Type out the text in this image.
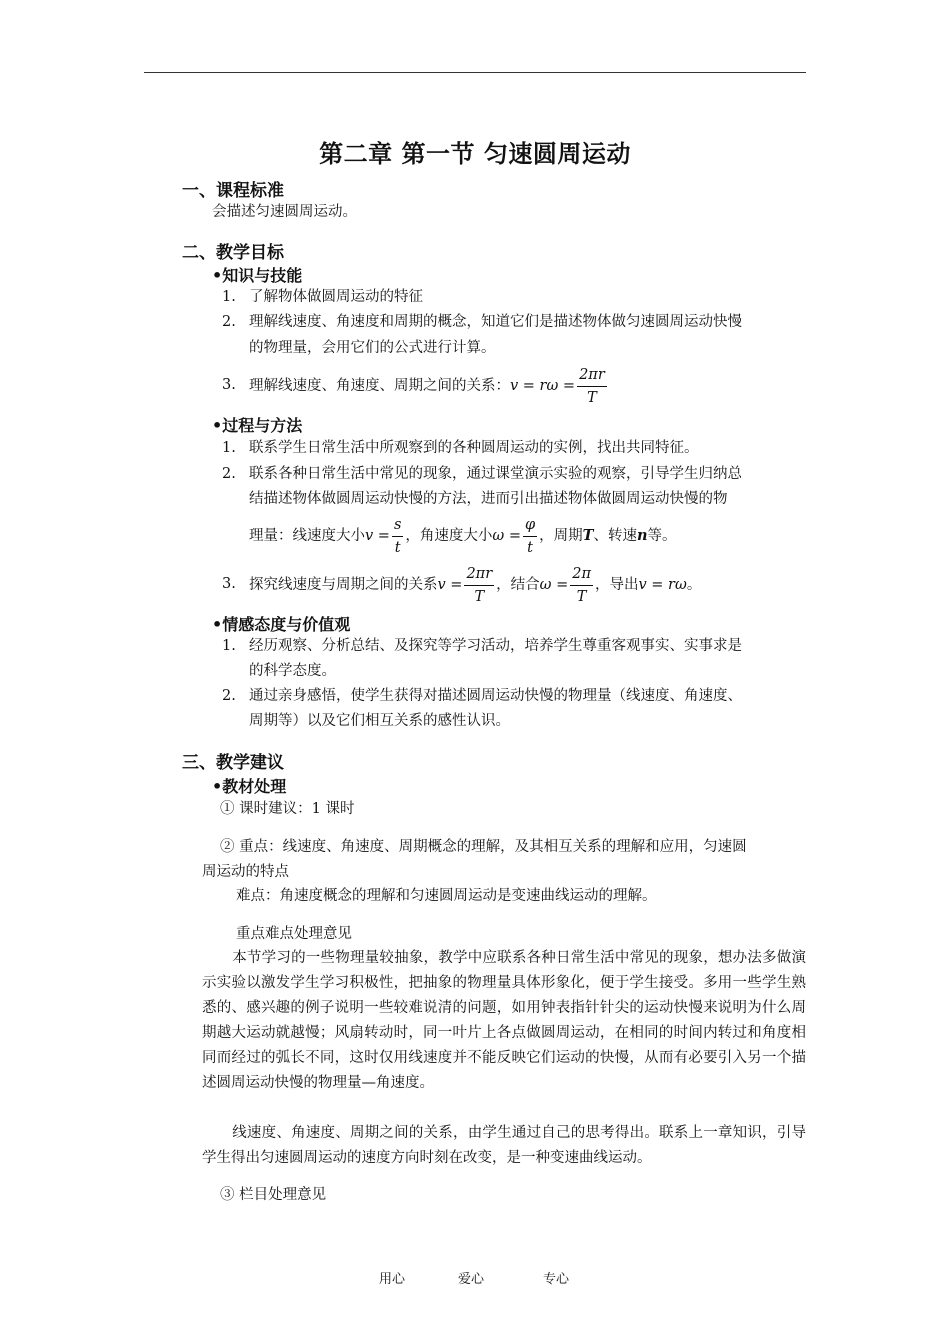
第二章 第一节 匀速圆周运动
一、课程标准
会描述匀速圆周运动。
二、教学目标
•知识与技能
1. 了解物体做圆周运动的特征
2. 理解线速度、角速度和周期的概念，知道它们是描述物体做匀速圆周运动快慢
的物理量，会用它们的公式进行计算。
3. 理解线速度、角速度、周期之间的关系：$v = r\omega = \frac{2\pi r}{T}$
•过程与方法
1. 联系学生日常生活中所观察到的各种圆周运动的实例，找出共同特征。
2. 联系各种日常生活中常见的现象，通过课堂演示实验的观察，引导学生归纳总
结描述物体做圆周运动快慢的方法，进而引出描述物体做圆周运动快慢的物
理量：线速度大小$v = \frac{s}{t}$ ，角速度大小$\omega = \frac{\varphi}{t}$ ，周期T、转速n等。
3. 探究线速度与周期之间的关系$v = \frac{2\pi r}{T}$ ，结合$\omega = \frac{2\pi}{T}$ ，导出v = rω。
•情感态度与价值观
1. 经历观察、分析总结、及探究等学习活动，培养学生尊重客观事实、实事求是
的科学态度。
2. 通过亲身感悟，使学生获得对描述圆周运动快慢的物理量（线速度、角速度、
周期等）以及它们相互关系的感性认识。
三、教学建议
•教材处理
① 课时建议：1 课时
② 重点：线速度、角速度、周期概念的理解，及其相互关系的理解和应用，匀速圆
周运动的特点
难点：角速度概念的理解和匀速圆周运动是变速曲线运动的理解。
重点难点处理意见
本节学习的一些物理量较抽象，教学中应联系各种日常生活中常见的现象，想办法多做演示实验以激发学生学习积极性，把抽象的物理量具体形象化，便于学生接受。多用一些学生熟悉的、感兴趣的例子说明一些较难说清的问题，如用钟表指针针尖的运动快慢来说明为什么周期越大运动就越慢；风扇转动时，同一叶片上各点做圆周运动，在相同的时间内转过和角度相同而经过的弧长不同，这时仅用线速度并不能反映它们运动的快慢，从而有必要引入另一个描述圆周运动快慢的物理量—角速度。
线速度、角速度、周期之间的关系，由学生通过自己的思考得出。联系上一章知识，引导学生得出匀速圆周运动的速度方向时刻在改变，是一种变速曲线运动。
③ 栏目处理意见
用心	爱心	专心
